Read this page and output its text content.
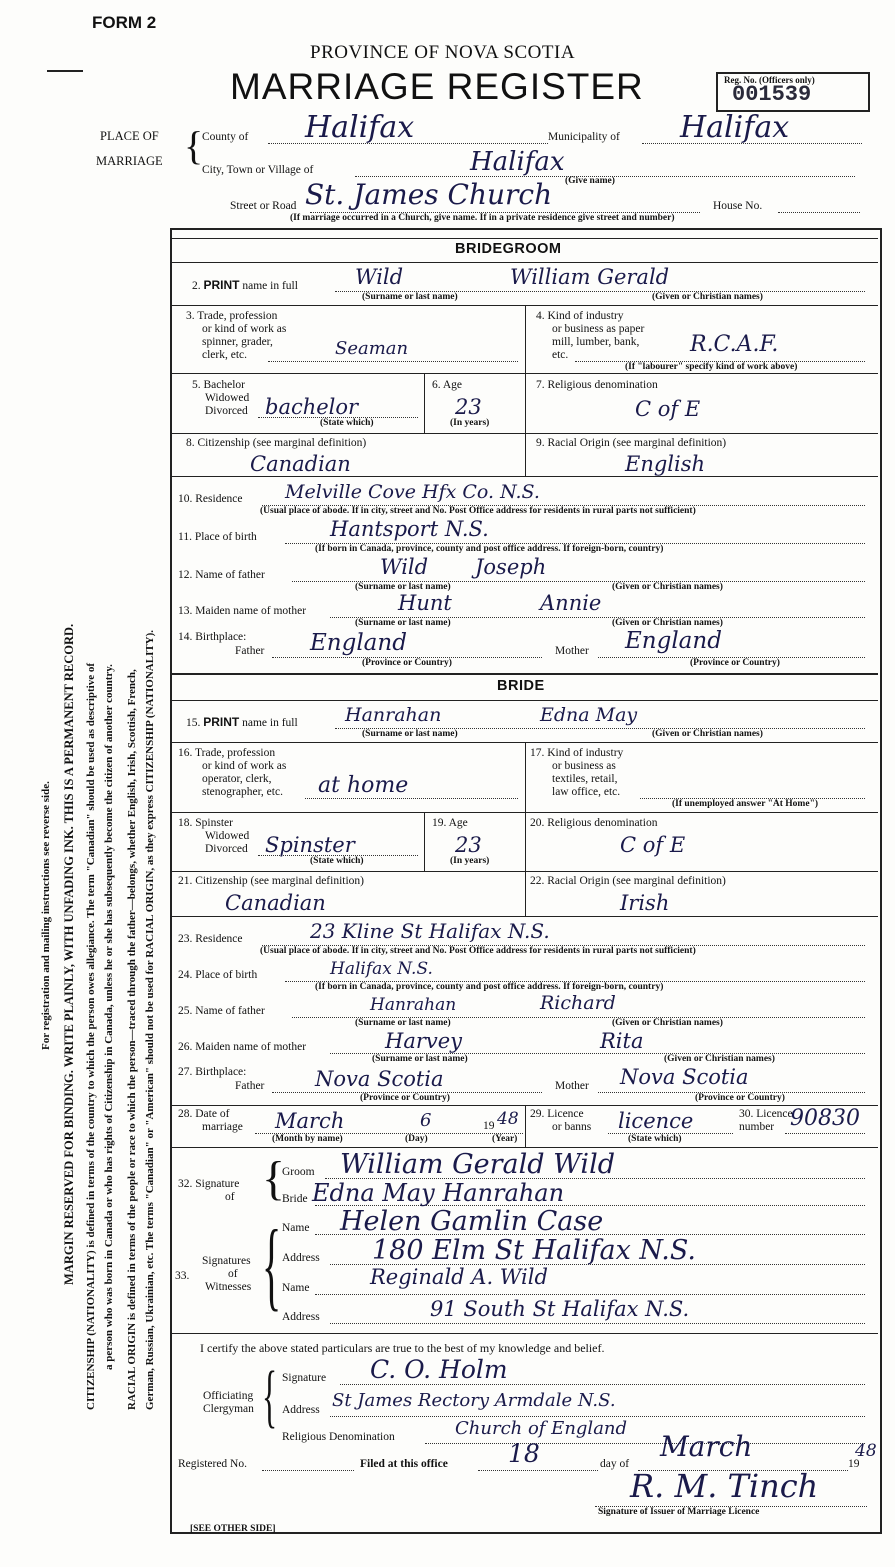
FORM 2
PROVINCE OF NOVA SCOTIA
MARRIAGE REGISTER	Reg. No. (Officers only)
001539
PLACE OF
MARRIAGE {
County of Halifax	Municipality of Halifax
City, Town or Village of	Halifax
Street or Road St. James Church (Give name)
House No.
(If marriage occurred in a Church, give name. If in a private residence give street and number)
For registration and mailing instructions see reverse side. MARGIN RESERVED FOR BINDING. WRITE PLAINLY, WITH UNFADING INK. THIS IS A PERMANENT RECORD. CITIZENSHIP (NATIONALITY) is defined in terms of the country to which the person owes allegiance. The term "Canadian" should be used as descriptive of a person who was born in Canada or who has rights of Citizenship in Canada, unless he or she has subsequently become the citizen of another country. RACIAL ORIGIN is defined in terms of the people or race to which the person—traced through the father—belongs, whether English, Irish, Scottish, French, German, Russian, Ukrainian, etc. The terms "Canadian" or "American" should not be used for RACIAL ORIGIN, as they express CITIZENSHIP (NATIONALITY).
BRIDEGROOM
2. PRINT name in full	Wild	William Gerald
(Surname or last name)	(Given or Christian names)
3. Trade, profession
or kind of work as
spinner, grader,
clerk, etc.	Seaman
4. Kind of industry
or business as paper
mill, lumber, bank,
etc.	R.C.A.F.
(If "labourer" specify kind of work above)
5. Bachelor
Widowed
Divorced bachelor
(State which)
6. Age
23
(In years)
7. Religious denomination
C of E
8. Citizenship (see marginal definition)
Canadian
9. Racial Origin (see marginal definition)
English
10. Residence Melville Cove Hfx Co. N.S.
(Usual place of abode. If in city, street and No. Post Office address for residents in rural parts not sufficient)
11. Place of birth	Hantsport N.S.
(If born in Canada, province, county and post office address. If foreign-born, country)
12. Name of father	Wild Joseph
(Surname or last name)	(Given or Christian names)
13. Maiden name of mother	Hunt	Annie
(Surname or last name)	(Given or Christian names)
14. Birthplace:
Father England
(Province or Country)
Mother England
(Province or Country)
BRIDE
15. PRINT name in full Hanrahan	Edna May
(Surname or last name)	(Given or Christian names)
16. Trade, profession
or kind of work as
operator, clerk,
stenographer, etc. at home
17. Kind of industry
or business as
textiles, retail,
law office, etc.
(If unemployed answer "At Home")
18. Spinster
Widowed
Divorced Spinster
(State which)
19. Age
23
(In years)
20. Religious denomination
C of E
21. Citizenship (see marginal definition)
Canadian
22. Racial Origin (see marginal definition)
Irish
23. Residence	23 Kline St Halifax N.S.
(Usual place of abode. If in city, street and No. Post Office address for residents in rural parts not sufficient)
24. Place of birth	Halifax N.S.
(If born in Canada, province, county and post office address. If foreign-born, country)
25. Name of father	Hanrahan	Richard
(Surname or last name)	(Given or Christian names)
26. Maiden name of mother	Harvey	Rita
(Surname or last name)	(Given or Christian names)
27. Birthplace:
Father Nova Scotia
(Province or Country)
Mother Nova Scotia
(Province or Country)
28. Date of
marriage March	6	19 48
(Month by name)	(Day)	(Year)
29. Licence
or banns licence
(State which)
30. Licence
number 90830
32. Signature
of {
Groom William Gerald Wild
Bride Edna May Hanrahan
Signatures
33.	of
Witnesses { Name Helen Gamlin Case
Address 180 Elm St Halifax N.S.
Name	Reginald A. Wild
Address	91 South St Halifax N.S.
I certify the above stated particulars are true to the best of my knowledge and belief.
Officiating
Clergyman { Signature C. O. Holm
Address St James Rectory Armdale N.S.
Religious Denomination	Church of England
Registered No.	Filed at this office 18	day of
March
19
48
R. M. Tinch
Signature of Issuer of Marriage Licence
[SEE OTHER SIDE]
